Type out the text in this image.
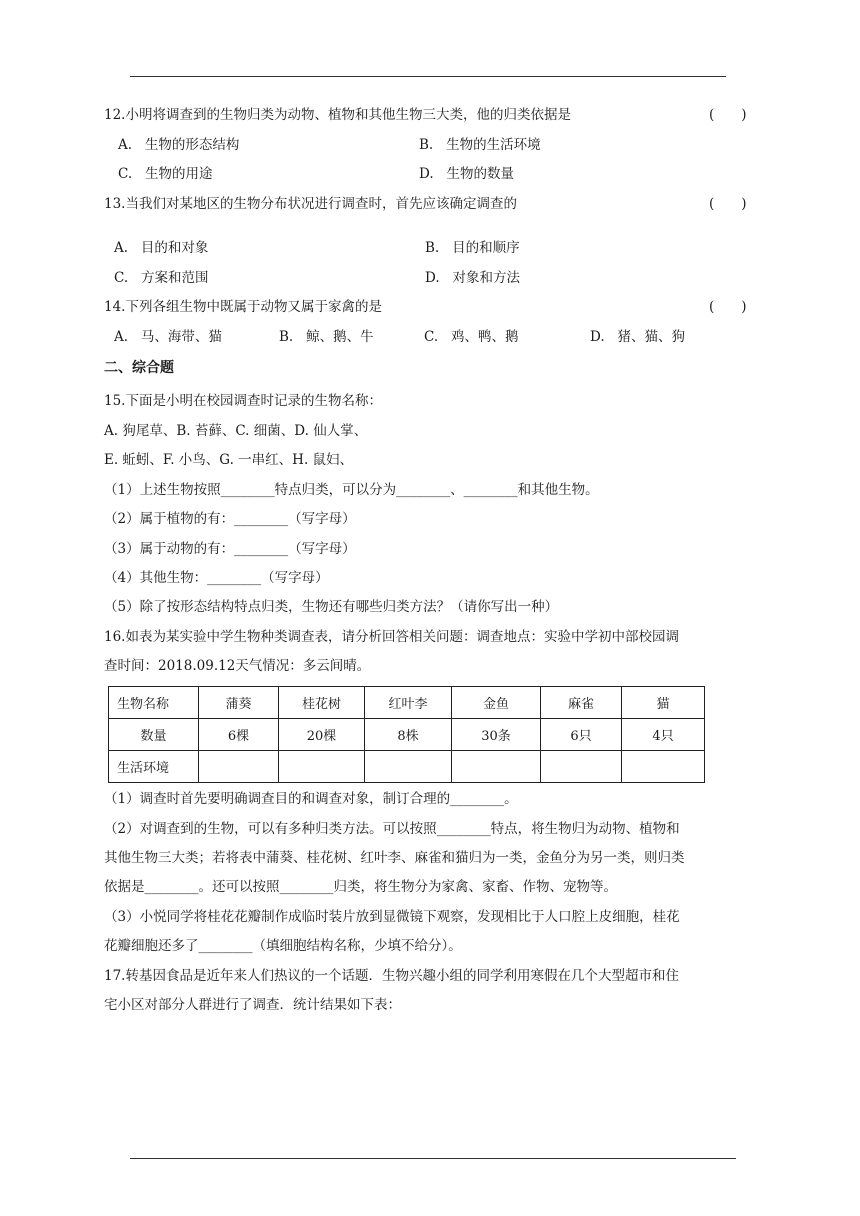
12.小明将调查到的生物归类为动物、植物和其他生物三大类，他的归类依据是	(　　)
A. 生物的形态结构	B. 生物的生活环境
C. 生物的用途	D. 生物的数量
13.当我们对某地区的生物分布状况进行调查时，首先应该确定调查的	(　　)
A. 目的和对象	B. 目的和顺序
C. 方案和范围	D. 对象和方法
14.下列各组生物中既属于动物又属于家禽的是	(　　)
A. 马、海带、猫	B. 鲸、鹅、牛	C. 鸡、鸭、鹅	D. 猪、猫、狗
二、综合题
15.下面是小明在校园调查时记录的生物名称：
A. 狗尾草、B. 苔藓、C. 细菌、D. 仙人掌、
E. 蚯蚓、F. 小鸟、G. 一串红、H. 鼠妇、
（1）上述生物按照________特点归类，可以分为________、________和其他生物。
（2）属于植物的有：________（写字母）
（3）属于动物的有：________（写字母）
（4）其他生物：________（写字母）
（5）除了按形态结构特点归类，生物还有哪些归类方法？（请你写出一种）
16.如表为某实验中学生物种类调查表，请分析回答相关问题：调查地点：实验中学初中部校园调
查时间：2018.09.12天气情况：多云间晴。
生物名称	蒲葵	桂花树	红叶李	金鱼	麻雀	猫
数量	6棵	20棵	8株	30条	6只	4只
生活环境						
（1）调查时首先要明确调查目的和调查对象，制订合理的________。
（2）对调查到的生物，可以有多种归类方法。可以按照________特点，将生物归为动物、植物和
其他生物三大类；若将表中蒲葵、桂花树、红叶李、麻雀和猫归为一类，金鱼分为另一类，则归类
依据是________。还可以按照________归类，将生物分为家禽、家畜、作物、宠物等。
（3）小悦同学将桂花花瓣制作成临时装片放到显微镜下观察，发现相比于人口腔上皮细胞，桂花
花瓣细胞还多了________（填细胞结构名称，少填不给分）。
17.转基因食品是近年来人们热议的一个话题．生物兴趣小组的同学利用寒假在几个大型超市和住
宅小区对部分人群进行了调查．统计结果如下表：
